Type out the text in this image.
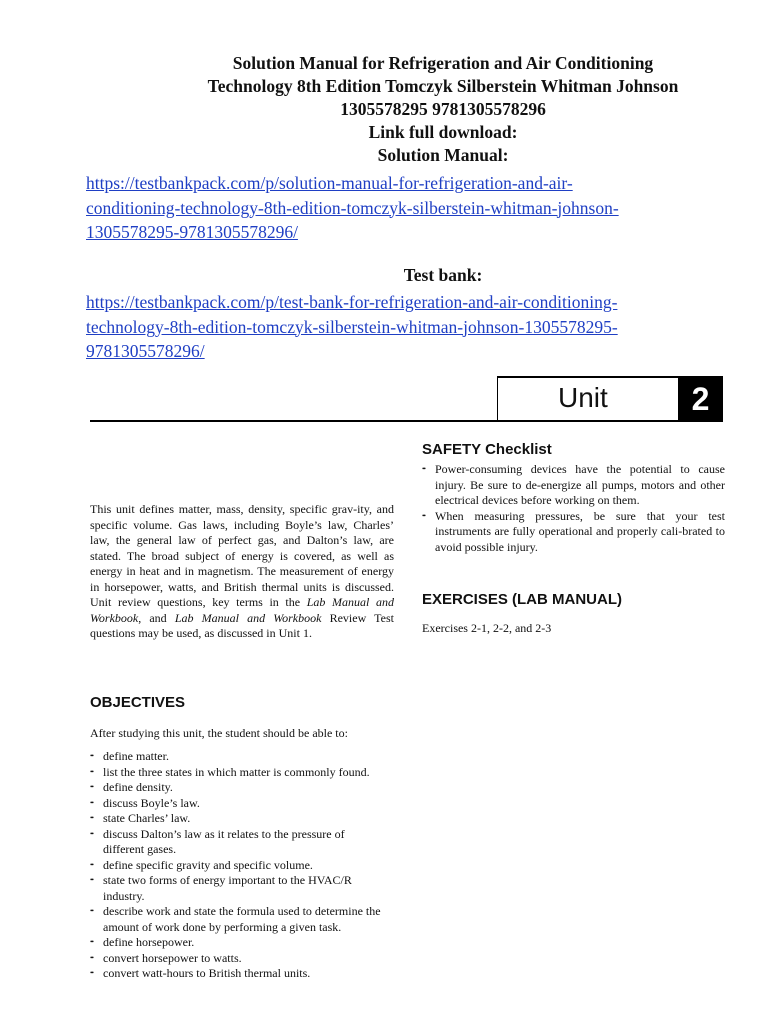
Solution Manual for Refrigeration and Air Conditioning
Technology 8th Edition Tomczyk Silberstein Whitman Johnson
1305578295 9781305578296
Link full download:
Solution Manual:
https://testbankpack.com/p/solution-manual-for-refrigeration-and-air-
conditioning-technology-8th-edition-tomczyk-silberstein-whitman-johnson-
1305578295-9781305578296/
Test bank:
https://testbankpack.com/p/test-bank-for-refrigeration-and-air-conditioning-
technology-8th-edition-tomczyk-silberstein-whitman-johnson-1305578295-
9781305578296/
Unit	2
This unit defines matter, mass, density, specific grav-ity, and specific volume. Gas laws, including Boyle’s law, Charles’ law, the general law of perfect gas, and Dalton’s law, are stated. The broad subject of energy is covered, as well as energy in heat and in magnetism. The measurement of energy in horsepower, watts, and British thermal units is discussed. Unit review questions, key terms in the Lab Manual and Workbook, and Lab Manual and Workbook Review Test questions may be used, as discussed in Unit 1.
OBJECTIVES
After studying this unit, the student should be able to:
•• define matter.
•• list the three states in which matter is commonly found.
•• define density.
•• discuss Boyle’s law.
•• state Charles’ law.
•• discuss Dalton’s law as it relates to the pressure of different gases.
•• define specific gravity and specific volume.
•• state two forms of energy important to the HVAC/R industry.
•• describe work and state the formula used to determine the amount of work done by performing a given task.
•• define horsepower.
•• convert horsepower to watts.
•• convert watt-hours to British thermal units.
SAFETY Checklist
•• Power-consuming devices have the potential to cause injury. Be sure to de-energize all pumps, motors and other electrical devices before working on them.
•• When measuring pressures, be sure that your test instruments are fully operational and properly cali-brated to avoid possible injury.
EXERCISES (LAB MANUAL)
Exercises 2-1, 2-2, and 2-3
